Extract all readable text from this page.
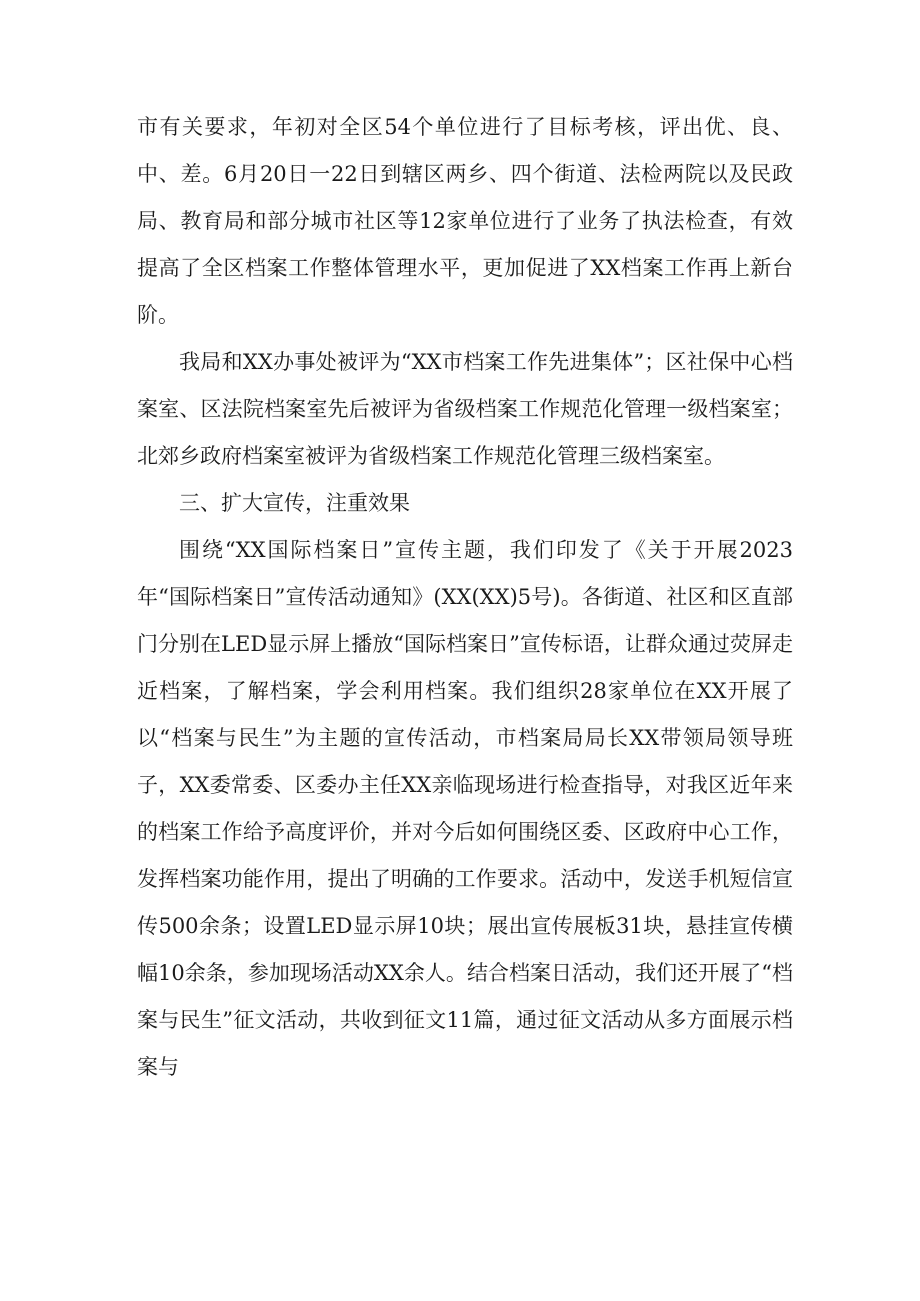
市有关要求，年初对全区54个单位进行了目标考核，评出优、良、中、差。6月20日一22日到辖区两乡、四个街道、法检两院以及民政局、教育局和部分城市社区等12家单位进行了业务了执法检查，有效提高了全区档案工作整体管理水平，更加促进了XX档案工作再上新台阶。

我局和XX办事处被评为“XX市档案工作先进集体”；区社保中心档案室、区法院档案室先后被评为省级档案工作规范化管理一级档案室；北郊乡政府档案室被评为省级档案工作规范化管理三级档案室。

三、扩大宣传，注重效果

围绕“XX国际档案日”宣传主题，我们印发了《关于开展2023年“国际档案日”宣传活动通知》(XX(XX)5号)。各街道、社区和区直部门分别在LED显示屏上播放“国际档案日”宣传标语，让群众通过荧屏走近档案，了解档案，学会利用档案。我们组织28家单位在XX开展了以“档案与民生”为主题的宣传活动，市档案局局长XX带领局领导班子，XX委常委、区委办主任XX亲临现场进行检查指导，对我区近年来的档案工作给予高度评价，并对今后如何围绕区委、区政府中心工作，发挥档案功能作用，提出了明确的工作要求。活动中，发送手机短信宣传500余条；设置LED显示屏10块；展出宣传展板31块，悬挂宣传横幅10余条，参加现场活动XX余人。结合档案日活动，我们还开展了“档案与民生”征文活动，共收到征文11篇，通过征文活动从多方面展示档案与
